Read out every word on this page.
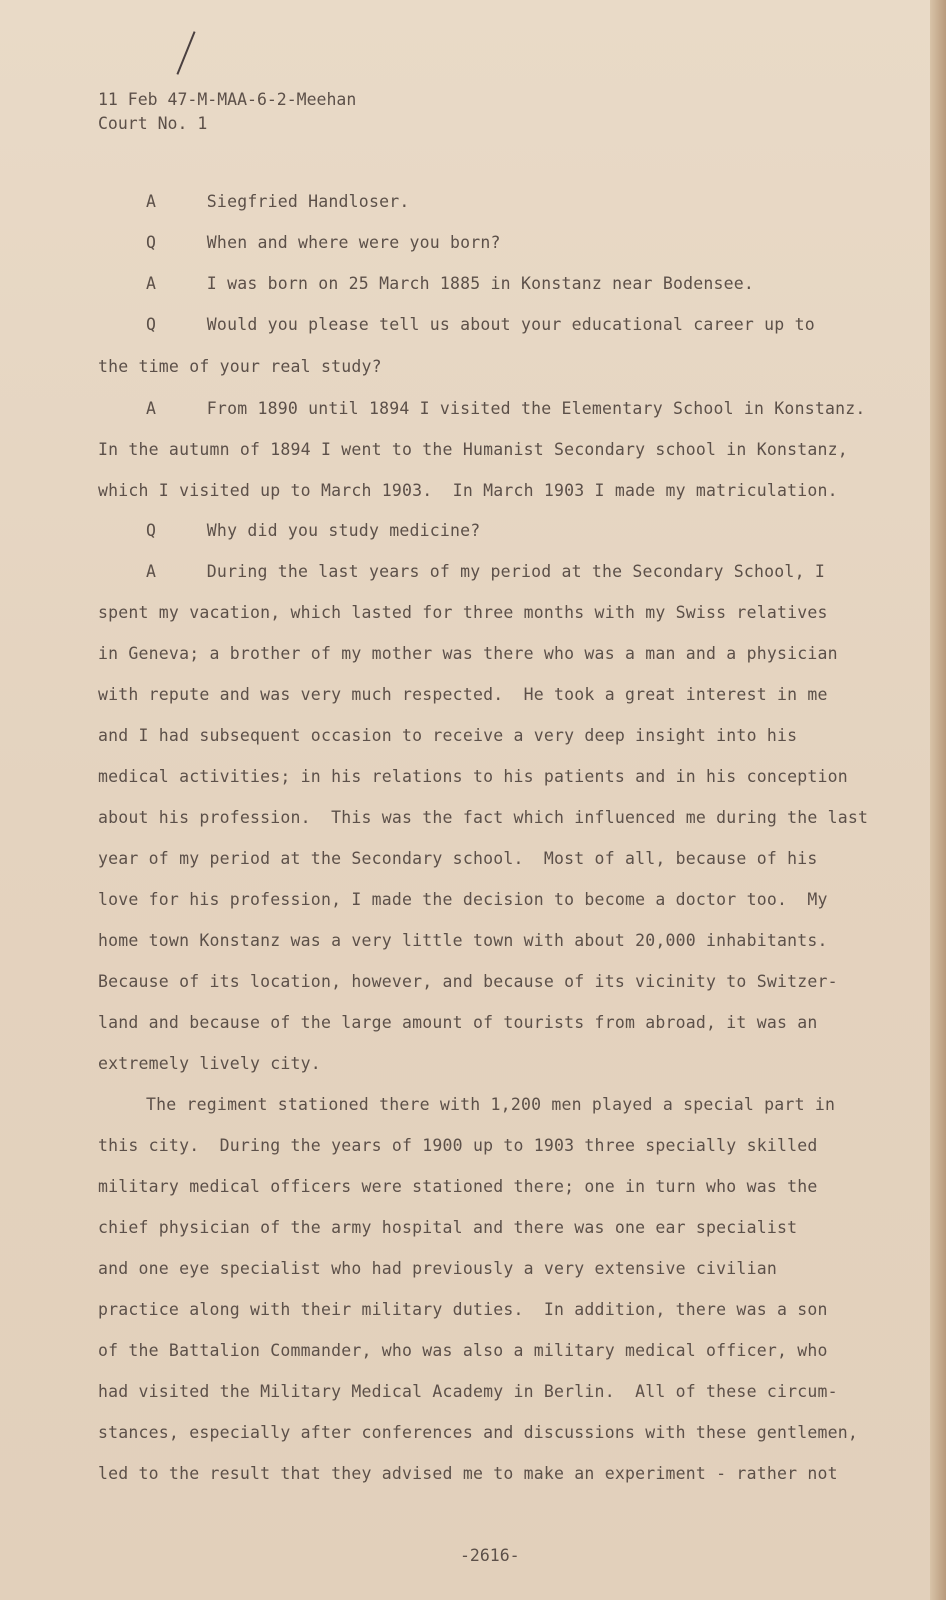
11 Feb 47-M-MAA-6-2-Meehan
Court No. 1
A     Siegfried Handloser.
Q     When and where were you born?
A     I was born on 25 March 1885 in Konstanz near Bodensee.
Q     Would you please tell us about your educational career up to
the time of your real study?
A     From 1890 until 1894 I visited the Elementary School in Konstanz.
In the autumn of 1894 I went to the Humanist Secondary school in Konstanz,
which I visited up to March 1903.  In March 1903 I made my matriculation.
Q     Why did you study medicine?
A     During the last years of my period at the Secondary School, I
spent my vacation, which lasted for three months with my Swiss relatives
in Geneva; a brother of my mother was there who was a man and a physician
with repute and was very much respected.  He took a great interest in me
and I had subsequent occasion to receive a very deep insight into his
medical activities; in his relations to his patients and in his conception
about his profession.  This was the fact which influenced me during the last
year of my period at the Secondary school.  Most of all, because of his
love for his profession, I made the decision to become a doctor too.  My
home town Konstanz was a very little town with about 20,000 inhabitants.
Because of its location, however, and because of its vicinity to Switzer-
land and because of the large amount of tourists from abroad, it was an
extremely lively city.
The regiment stationed there with 1,200 men played a special part in
this city.  During the years of 1900 up to 1903 three specially skilled
military medical officers were stationed there; one in turn who was the
chief physician of the army hospital and there was one ear specialist
and one eye specialist who had previously a very extensive civilian
practice along with their military duties.  In addition, there was a son
of the Battalion Commander, who was also a military medical officer, who
had visited the Military Medical Academy in Berlin.  All of these circum-
stances, especially after conferences and discussions with these gentlemen,
led to the result that they advised me to make an experiment - rather not
-2616-
